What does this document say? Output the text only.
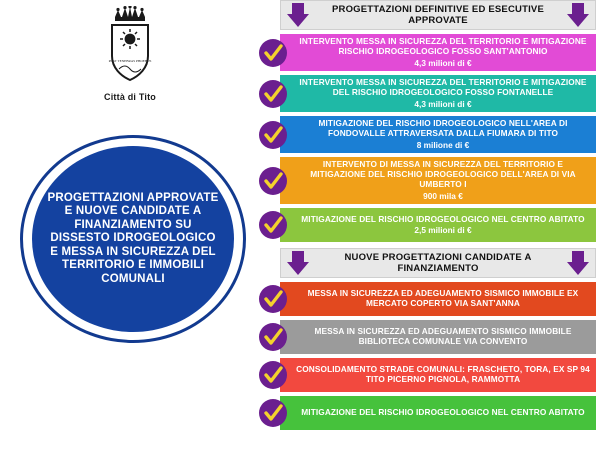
POST TENEBRAS PHOEBUS
Città di Tito
PROGETTAZIONI APPROVATE E NUOVE CANDIDATE A FINANZIAMENTO SU DISSESTO IDROGEOLOGICO E MESSA IN SICUREZZA DEL TERRITORIO E IMMOBILI COMUNALI
PROGETTAZIONI DEFINITIVE ED ESECUTIVE APPROVATE
INTERVENTO MESSA IN SICUREZZA DEL TERRITORIO E MITIGAZIONE RISCHIO IDROGEOLOGICO FOSSO SANT'ANTONIO
4,3 milioni di €
INTERVENTO MESSA IN SICUREZZA DEL TERRITORIO E MITIGAZIONE DEL RISCHIO IDROGEOLOGICO FOSSO FONTANELLE
4,3 milioni di €
MITIGAZIONE DEL RISCHIO IDROGEOLOGICO NELL'AREA DI FONDOVALLE ATTRAVERSATA DALLA FIUMARA DI TITO
8 milione di €
INTERVENTO DI MESSA IN SICUREZZA DEL TERRITORIO E MITIGAZIONE DEL RISCHIO IDROGEOLOGICO DELL'AREA DI VIA UMBERTO I
900 mila €
MITIGAZIONE DEL RISCHIO IDROGEOLOGICO NEL CENTRO ABITATO
2,5 milioni di €
NUOVE PROGETTAZIONI CANDIDATE A FINANZIAMENTO
MESSA IN SICUREZZA ED ADEGUAMENTO SISMICO IMMOBILE EX MERCATO COPERTO VIA SANT'ANNA
MESSA IN SICUREZZA ED ADEGUAMENTO SISMICO IMMOBILE BIBLIOTECA COMUNALE VIA CONVENTO
CONSOLIDAMENTO STRADE COMUNALI: FRASCHETO, TORA, EX SP 94 TITO PICERNO PIGNOLA, RAMMOTTA
MITIGAZIONE DEL RISCHIO IDROGEOLOGICO NEL CENTRO ABITATO
